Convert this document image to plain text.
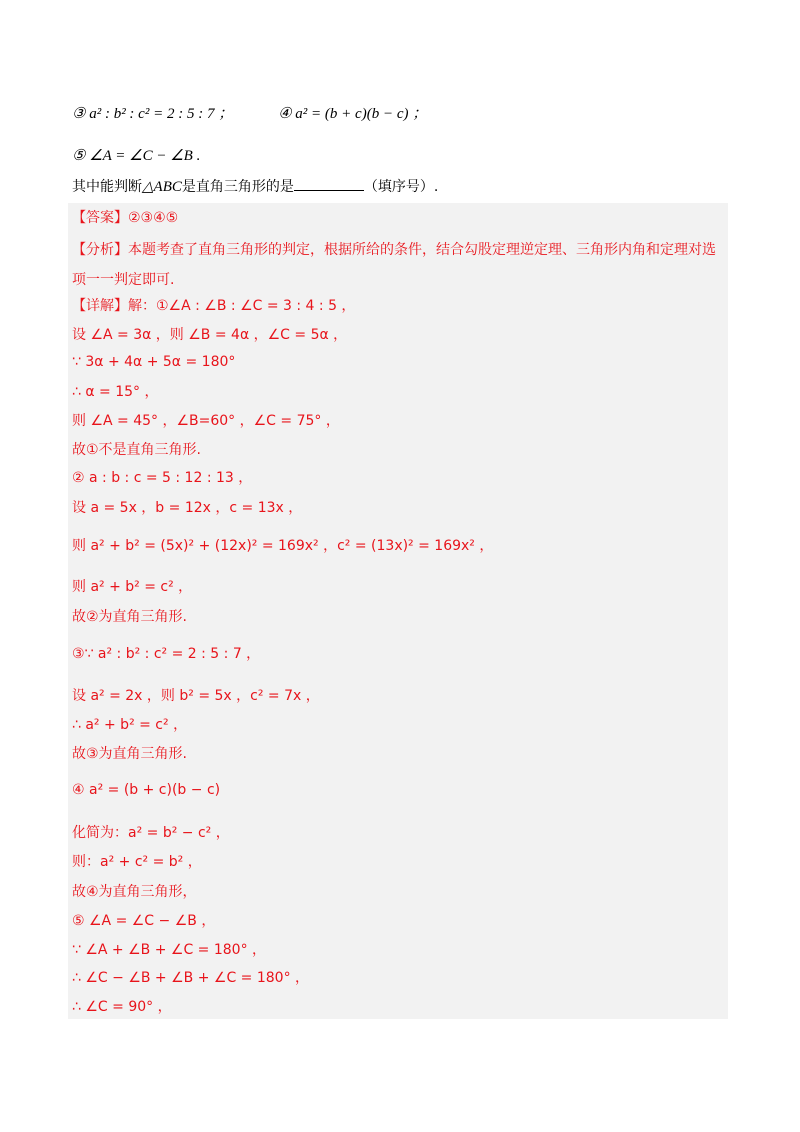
③ a² : b² : c² = 2 : 5 : 7 ；	④ a² = (b + c)(b − c) ；
⑤ ∠A = ∠C − ∠B .
其中能判断△ABC是直角三角形的是	（填序号）.
【答案】②③④⑤
【分析】本题考查了直角三角形的判定，根据所给的条件，结合勾股定理逆定理、三角形内角和定理对选
项一一判定即可.
【详解】解：①∠A : ∠B : ∠C = 3 : 4 : 5 ，
设 ∠A = 3α ，则 ∠B = 4α ，∠C = 5α ，
∵ 3α + 4α + 5α = 180°
∴ α = 15° ，
则 ∠A = 45° ，∠B=60° ，∠C = 75° ，
故①不是直角三角形.
② a : b : c = 5 : 12 : 13 ，
设 a = 5x ，b = 12x ，c = 13x ，
则 a² + b² = (5x)² + (12x)² = 169x² ，c² = (13x)² = 169x² ，
则 a² + b² = c² ，
故②为直角三角形.
③∵ a² : b² : c² = 2 : 5 : 7 ，
设 a² = 2x ，则 b² = 5x ，c² = 7x ，
∴ a² + b² = c² ，
故③为直角三角形.
④ a² = (b + c)(b − c)
化简为：a² = b² − c² ，
则：a² + c² = b² ，
故④为直角三角形，
⑤ ∠A = ∠C − ∠B ，
∵ ∠A + ∠B + ∠C = 180° ，
∴ ∠C − ∠B + ∠B + ∠C = 180° ，
∴ ∠C = 90° ，
